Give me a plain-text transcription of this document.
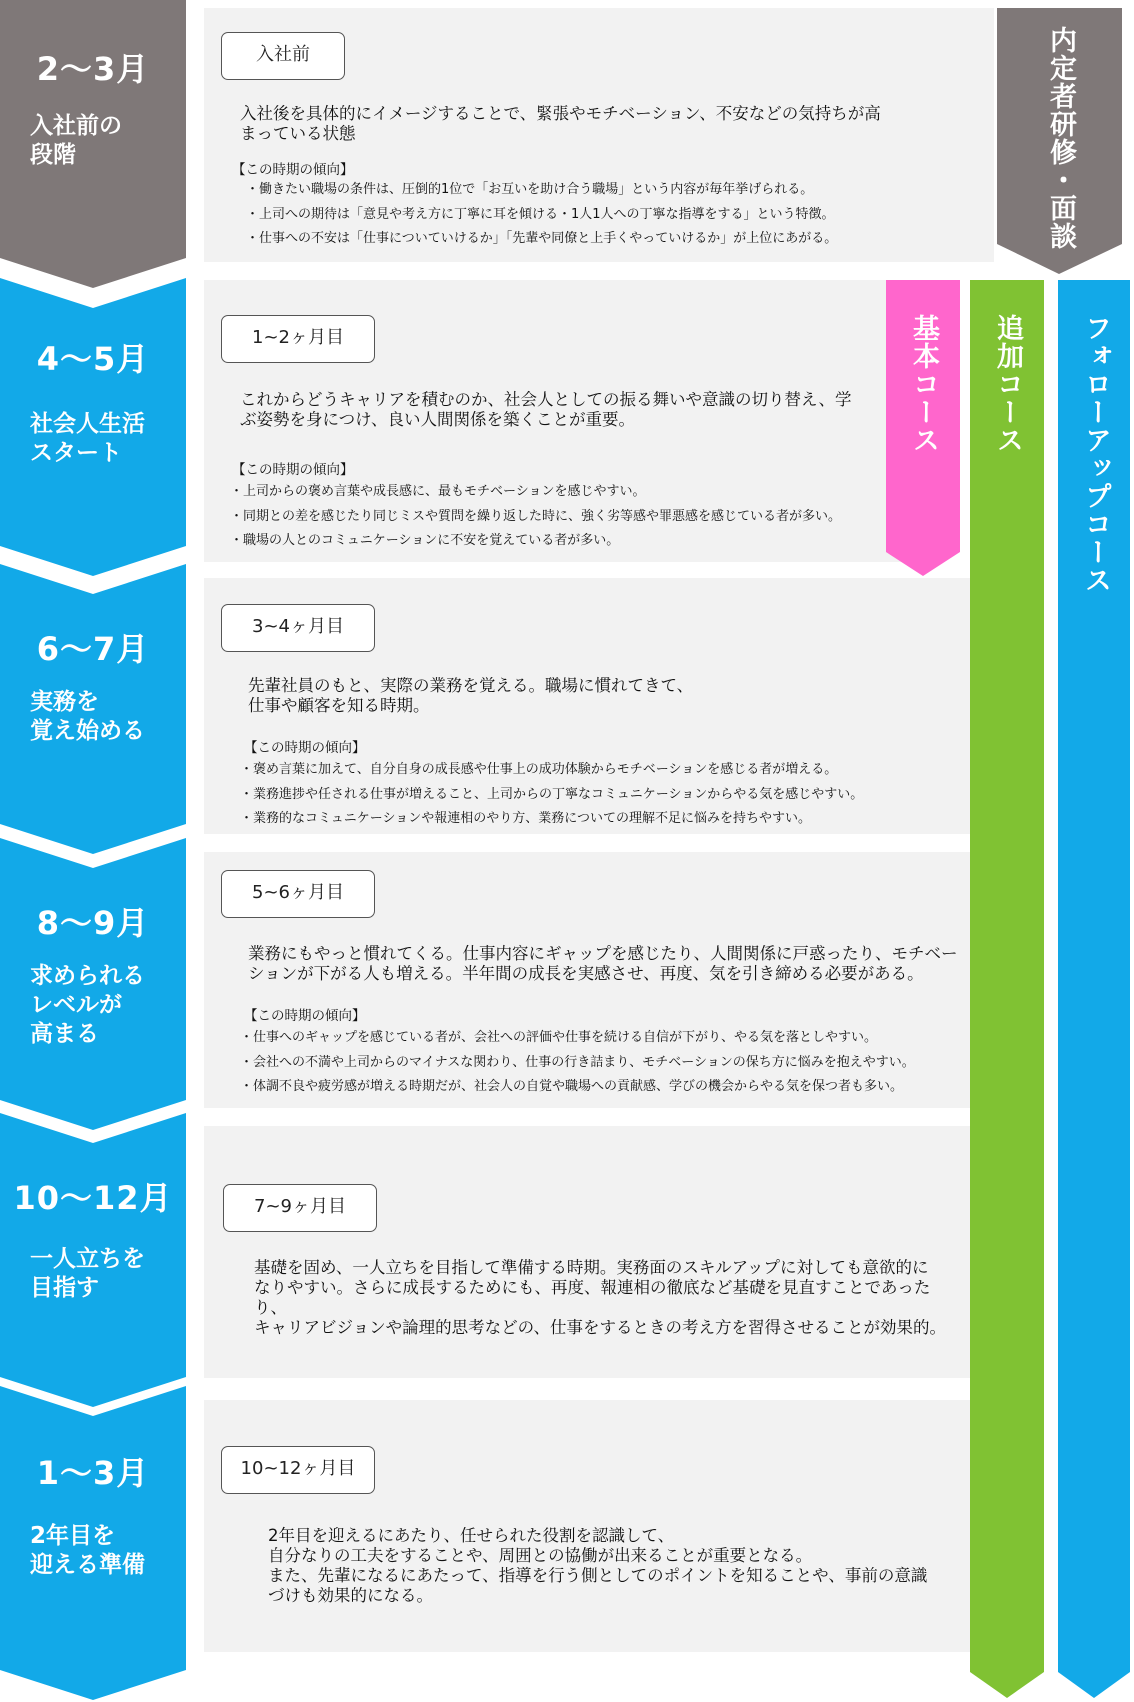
2〜3月
入社前の
段階
4〜5月
社会人生活
スタート
6〜7月
実務を
覚え始める
8〜9月
求められる
レベルが
高まる
10〜12月
一人立ちを
目指す
1〜3月
2年目を
迎える準備
入社前
入社後を具体的にイメージすることで、緊張やモチベーション、不安などの気持ちが高
まっている状態
【この時期の傾向】
・働きたい職場の条件は、圧倒的1位で「お互いを助け合う職場」という内容が毎年挙げられる。
・上司への期待は「意見や考え方に丁寧に耳を傾ける・1人1人への丁寧な指導をする」という特徴。
・仕事への不安は「仕事についていけるか」「先輩や同僚と上手くやっていけるか」が上位にあがる。
1~2ヶ月目
これからどうキャリアを積むのか、社会人としての振る舞いや意識の切り替え、学
ぶ姿勢を身につけ、良い人間関係を築くことが重要。
【この時期の傾向】
・上司からの褒め言葉や成長感に、最もモチベーションを感じやすい。
・同期との差を感じたり同じミスや質問を繰り返した時に、強く劣等感や罪悪感を感じている者が多い。
・職場の人とのコミュニケーションに不安を覚えている者が多い。
3~4ヶ月目
先輩社員のもと、実際の業務を覚える。職場に慣れてきて、
仕事や顧客を知る時期。
【この時期の傾向】
・褒め言葉に加えて、自分自身の成長感や仕事上の成功体験からモチベーションを感じる者が増える。
・業務進捗や任される仕事が増えること、上司からの丁寧なコミュニケーションからやる気を感じやすい。
・業務的なコミュニケーションや報連相のやり方、業務についての理解不足に悩みを持ちやすい。
5~6ヶ月目
業務にもやっと慣れてくる。仕事内容にギャップを感じたり、人間関係に戸惑ったり、モチベー
ションが下がる人も増える。半年間の成長を実感させ、再度、気を引き締める必要がある。
【この時期の傾向】
・仕事へのギャップを感じている者が、会社への評価や仕事を続ける自信が下がり、やる気を落としやすい。
・会社への不満や上司からのマイナスな関わり、仕事の行き詰まり、モチベーションの保ち方に悩みを抱えやすい。
・体調不良や疲労感が増える時期だが、社会人の自覚や職場への貢献感、学びの機会からやる気を保つ者も多い。
7~9ヶ月目
基礎を固め、一人立ちを目指して準備する時期。実務面のスキルアップに対しても意欲的に
なりやすい。さらに成長するためにも、再度、報連相の徹底など基礎を見直すことであったり、
キャリアビジョンや論理的思考などの、仕事をするときの考え方を習得させることが効果的。
10~12ヶ月目
2年目を迎えるにあたり、任せられた役割を認識して、
自分なりの工夫をすることや、周囲との協働が出来ることが重要となる。
また、先輩になるにあたって、指導を行う側としてのポイントを知ることや、事前の意識
づけも効果的になる。
内定者研修・面談
基本コース 追加コース フォローアップコース
